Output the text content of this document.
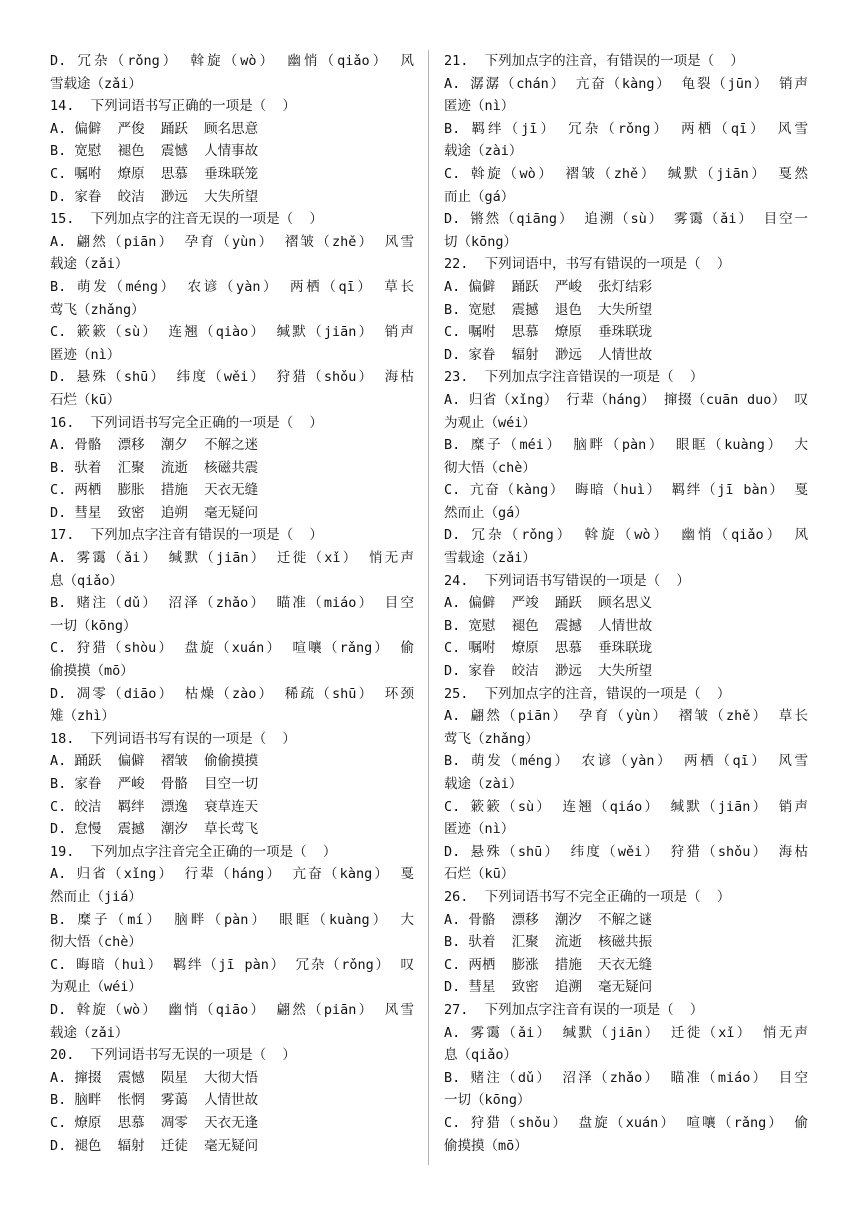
D. 冗杂（rǒng） 斡旋（wò） 幽悄（qiǎo） 风
雪载途（zǎi）
14.  下列词语书写正确的一项是（  ）
A. 偏僻  严俊  踊跃  顾名思意
B. 宽慰  褪色  震憾  人情事故
C. 嘱咐  燎原  思慕  垂珠联笼
D. 家眷  皎洁  渺远  大失所望
15.  下列加点字的注音无误的一项是（  ）
A. 翩然（piān） 孕育（yùn） 褶皱（zhě） 风雪
载途（zǎi）
B. 萌发（méng） 农谚（yàn） 两栖（qī） 草长
莺飞（zhǎng）
C. 簌簌（sù） 连翘（qiào） 缄默（jiān） 销声
匿迹（nì）
D. 悬殊（shū） 纬度（wěi） 狩猎（shǒu） 海枯
石烂（kū）
16.  下列词语书写完全正确的一项是（  ）
A. 骨骼  漂移  潮夕  不解之迷
B. 驮着  汇聚  流逝  核磁共震
C. 两栖  膨胀  措施  天衣无缝
D. 彗星  致密  追朔  毫无疑问
17.  下列加点字注音有错误的一项是（  ）
A. 雾霭（ǎi） 缄默（jiān） 迁徙（xǐ） 悄无声
息（qiǎo）
B. 赌注（dǔ） 沼泽（zhǎo） 瞄准（miáo） 目空
一切（kōng）
C. 狩猎（shòu） 盘旋（xuán） 喧嚷（rǎng） 偷
偷摸摸（mō）
D. 凋零（diāo） 枯燥（zào） 稀疏（shū） 环颈
雉（zhì）
18.  下列词语书写有误的一项是（  ）
A. 踊跃  偏僻  褶皱  偷偷摸摸
B. 家眷  严峻  骨骼  目空一切
C. 皎洁  羁绊  漂逸  衰草连天
D. 怠慢  震撼  潮汐  草长莺飞
19.  下列加点字注音完全正确的一项是（  ）
A. 归省（xǐng） 行辈（háng） 亢奋（kàng） 戛
然而止（jiá）
B. 糜子（mí） 脑畔（pàn） 眼眶（kuàng） 大
彻大悟（chè）
C. 晦暗（huì） 羁绊（jī pàn） 冗杂（rǒng） 叹
为观止（wéi）
D. 斡旋（wò） 幽悄（qiāo） 翩然（piān） 风雪
载途（zǎi）
20.  下列词语书写无误的一项是（  ）
A. 撺掇  震憾  陨星  大彻大悟
B. 脑畔  怅惘  雾蔼  人情世故
C. 燎原  思慕  凋零  天衣无逢
D. 褪色  辐射  迁徒  毫无疑问
21.  下列加点字的注音，有错误的一项是（  ）
A. 潺潺（chán） 亢奋（kàng） 龟裂（jūn） 销声
匿迹（nì）
B. 羁绊（jī） 冗杂（rǒng） 两栖（qī） 风雪
载途（zài）
C. 斡旋（wò） 褶皱（zhě） 缄默（jiān） 戛然
而止（gá）
D. 锵然（qiāng） 追溯（sù） 雾霭（ǎi） 目空一
切（kōng）
22.  下列词语中，书写有错误的一项是（  ）
A. 偏僻  踊跃  严峻  张灯结彩
B. 宽慰  震撼  退色  大失所望
C. 嘱咐  思慕  燎原  垂珠联珑
D. 家眷  辐射  渺远  人情世故
23.  下列加点字注音错误的一项是（  ）
A. 归省（xǐng） 行辈（háng） 撺掇（cuān duo） 叹
为观止（wéi）
B. 糜子（méi） 脑畔（pàn） 眼眶（kuàng） 大
彻大悟（chè）
C. 亢奋（kàng） 晦暗（huì） 羁绊（jī bàn） 戛
然而止（gá）
D. 冗杂（rǒng） 斡旋（wò） 幽悄（qiǎo） 风
雪载途（zǎi）
24.  下列词语书写错误的一项是（  ）
A. 偏僻  严竣  踊跃  顾名思义
B. 宽慰  褪色  震撼  人情世故
C. 嘱咐  燎原  思慕  垂珠联珑
D. 家眷  皎洁  渺远  大失所望
25.  下列加点字的注音，错误的一项是（  ）
A. 翩然（piān） 孕育（yùn） 褶皱（zhě） 草长
莺飞（zhǎng）
B. 萌发（méng） 农谚（yàn） 两栖（qī） 风雪
载途（zài）
C. 簌簌（sù） 连翘（qiáo） 缄默（jiān） 销声
匿迹（nì）
D. 悬殊（shū） 纬度（wěi） 狩猎（shǒu） 海枯
石烂（kū）
26.  下列词语书写不完全正确的一项是（  ）
A. 骨骼  漂移  潮汐  不解之谜
B. 驮着  汇聚  流逝  核磁共振
C. 两栖  膨涨  措施  天衣无缝
D. 彗星  致密  追溯  毫无疑问
27.  下列加点字注音有误的一项是（  ）
A. 雾霭（ǎi） 缄默（jiān） 迁徙（xǐ） 悄无声
息（qiǎo）
B. 赌注（dǔ） 沼泽（zhǎo） 瞄准（miáo） 目空
一切（kōng）
C. 狩猎（shǒu） 盘旋（xuán） 喧嚷（rǎng） 偷
偷摸摸（mō）
